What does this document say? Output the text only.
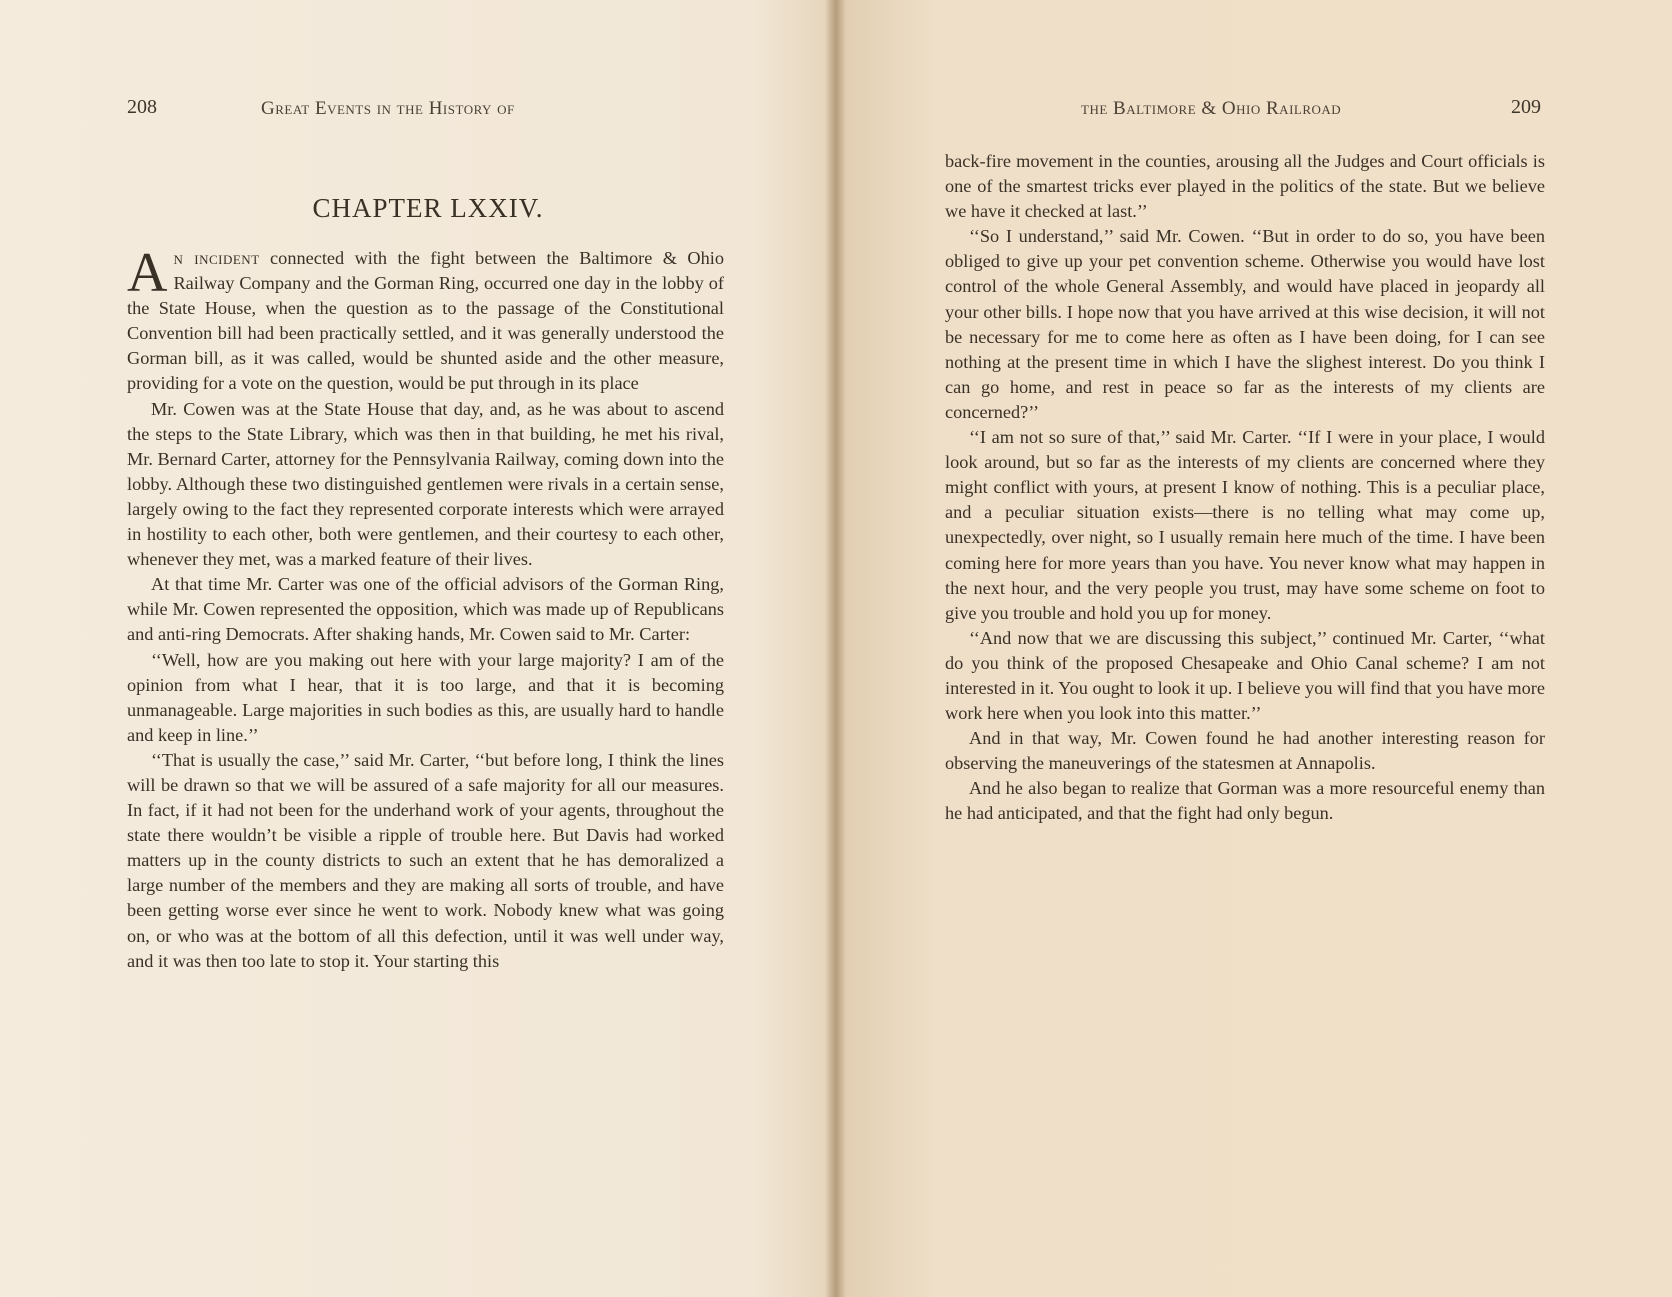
208	Great Events in the History of
CHAPTER LXXIV.

An incident connected with the fight between the Baltimore & Ohio Railway Company and the Gorman Ring, occurred one day in the lobby of the State House, when the question as to the passage of the Constitutional Convention bill had been practically settled, and it was generally understood the Gorman bill, as it was called, would be shunted aside and the other measure, providing for a vote on the question, would be put through in its place

Mr. Cowen was at the State House that day, and, as he was about to ascend the steps to the State Library, which was then in that building, he met his rival, Mr. Bernard Carter, attorney for the Pennsylvania Railway, coming down into the lobby. Although these two distinguished gentlemen were rivals in a certain sense, largely owing to the fact they represented corporate interests which were arrayed in hostility to each other, both were gentlemen, and their courtesy to each other, whenever they met, was a marked feature of their lives.

At that time Mr. Carter was one of the official advisors of the Gorman Ring, while Mr. Cowen represented the opposition, which was made up of Republicans and anti-ring Democrats. After shaking hands, Mr. Cowen said to Mr. Carter:

‘‘Well, how are you making out here with your large majority? I am of the opinion from what I hear, that it is too large, and that it is becoming unmanageable. Large majorities in such bodies as this, are usually hard to handle and keep in line.’’

‘‘That is usually the case,’’ said Mr. Carter, ‘‘but before long, I think the lines will be drawn so that we will be assured of a safe majority for all our measures. In fact, if it had not been for the underhand work of your agents, throughout the state there wouldn’t be visible a ripple of trouble here. But Davis had worked matters up in the county districts to such an extent that he has demoralized a large number of the members and they are making all sorts of trouble, and have been getting worse ever since he went to work. Nobody knew what was going on, or who was at the bottom of all this defection, until it was well under way, and it was then too late to stop it. Your starting this

the Baltimore & Ohio Railroad	209

back-fire movement in the counties, arousing all the Judges and Court officials is one of the smartest tricks ever played in the politics of the state. But we believe we have it checked at last.’’

‘‘So I understand,’’ said Mr. Cowen. ‘‘But in order to do so, you have been obliged to give up your pet convention scheme. Otherwise you would have lost control of the whole General Assembly, and would have placed in jeopardy all your other bills. I hope now that you have arrived at this wise decision, it will not be necessary for me to come here as often as I have been doing, for I can see nothing at the present time in which I have the slighest interest. Do you think I can go home, and rest in peace so far as the interests of my clients are concerned?’’

‘‘I am not so sure of that,’’ said Mr. Carter. ‘‘If I were in your place, I would look around, but so far as the interests of my clients are concerned where they might conflict with yours, at present I know of nothing. This is a peculiar place, and a peculiar situation exists—there is no telling what may come up, unexpectedly, over night, so I usually remain here much of the time. I have been coming here for more years than you have. You never know what may happen in the next hour, and the very people you trust, may have some scheme on foot to give you trouble and hold you up for money.

‘‘And now that we are discussing this subject,’’ continued Mr. Carter, ‘‘what do you think of the proposed Chesapeake and Ohio Canal scheme? I am not interested in it. You ought to look it up. I believe you will find that you have more work here when you look into this matter.’’

And in that way, Mr. Cowen found he had another interesting reason for observing the maneuverings of the statesmen at Annapolis.

And he also began to realize that Gorman was a more resourceful enemy than he had anticipated, and that the fight had only begun.
